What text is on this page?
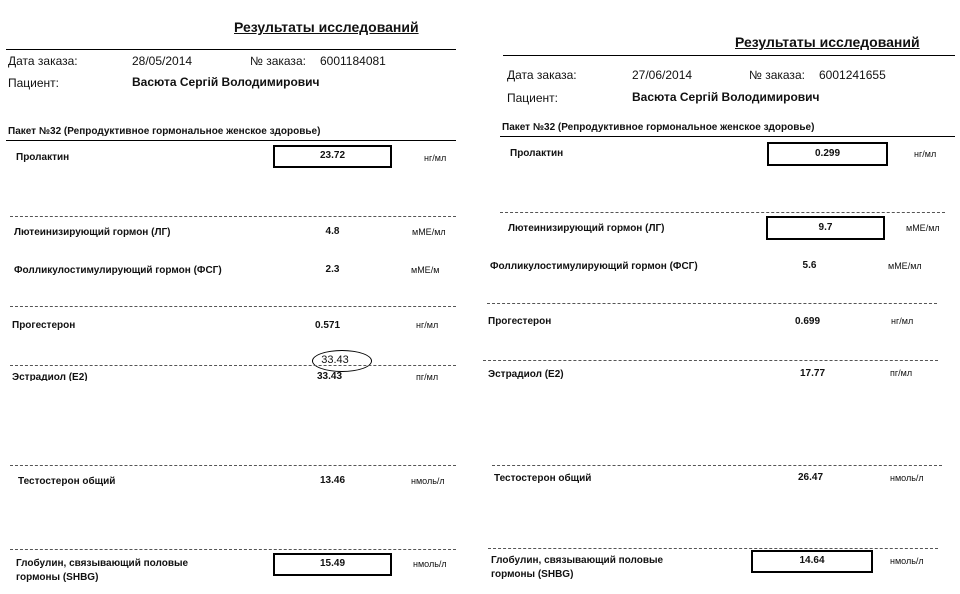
Результаты исследований
Дата заказа:	28/05/2014	№ заказа: 6001184081
Пациент:	Васюта Сергій Володимирович
Пакет №32 (Репродуктивное гормональное женское здоровье)
Пролактин	23.72	нг/мл
Лютеинизирующий гормон (ЛГ)	4.8	мМЕ/мл
Фолликулостимулирующий гормон (ФСГ)	2.3	мМЕ/м
Прогестерон	0.571	нг/мл
33.43
Эстрадиол (Е2)	33.43	пг/мл
Тестостерон общий	13.46	нмоль/л
Глобулин, связывающий половые гормоны (SHBG)
15.49	нмоль/л
Результаты исследований
Дата заказа:	27/06/2014	№ заказа: 6001241655
Пациент:	Васюта Сергій Володимирович
Пакет №32 (Репродуктивное гормональное женское здоровье)
Пролактин	0.299	нг/мл
Лютеинизирующий гормон (ЛГ)	9.7	мМЕ/мл
Фолликулостимулирующий гормон (ФСГ)	5.6	мМЕ/мл
Прогестерон	0.699	нг/мл
Эстрадиол (Е2)	17.77	пг/мл
Тестостерон общий	26.47	нмоль/л
Глобулин, связывающий половые гормоны (SHBG)
14.64	нмоль/л
